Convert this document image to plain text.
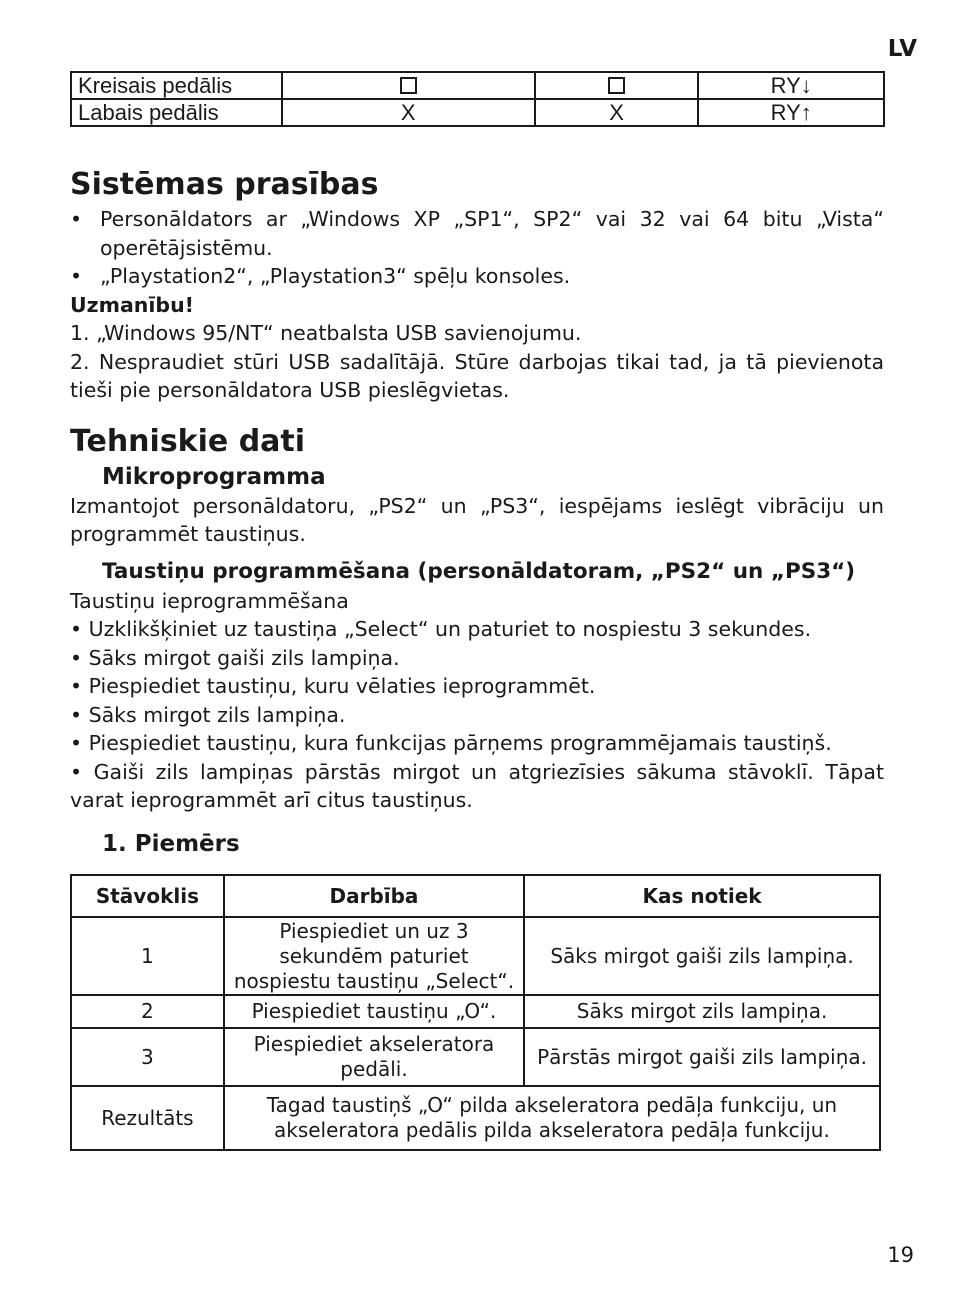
LV
Kreisais pedālis			RY↓
Labais pedālis	X	X	RY↑
Sistēmas prasības
• Personāldators ar „Windows XP „SP1“, SP2“ vai 32 vai 64 bitu „Vista“ operētājsistēmu.
• „Playstation2“, „Playstation3“ spēļu konsoles.

Uzmanību!

1. „Windows 95/NT“ neatbalsta USB savienojumu.

2. Nespraudiet stūri USB sadalītājā. Stūre darbojas tikai tad, ja tā pievienota tieši pie personāldatora USB pieslēgvietas.

Tehniskie dati
Mikroprogramma

Izmantojot personāldatoru, „PS2“ un „PS3“, iespējams ieslēgt vibrāciju un programmēt taustiņus.

Taustiņu programmēšana (personāldatoram, „PS2“ un „PS3“)

Taustiņu ieprogrammēšana

• Uzklikšķiniet uz taustiņa „Select“ un paturiet to nospiestu 3 sekundes.

• Sāks mirgot gaiši zils lampiņa.

• Piespiediet taustiņu, kuru vēlaties ieprogrammēt.

• Sāks mirgot zils lampiņa.

• Piespiediet taustiņu, kura funkcijas pārņems programmējamais taustiņš.

• Gaiši zils lampiņas pārstās mirgot un atgriezīsies sākuma stāvoklī. Tāpat varat ieprogrammēt arī citus taustiņus.

1. Piemērs
Stāvoklis	Darbība	Kas notiek
1	Piespiediet un uz 3 sekundēm paturiet nospiestu taustiņu „Select“.	Sāks mirgot gaiši zils lampiņa.
2	Piespiediet taustiņu „O“.	Sāks mirgot zils lampiņa.
3	Piespiediet akseleratora pedāli.	Pārstās mirgot gaiši zils lampiņa.
Rezultāts	Tagad taustiņš „O“ pilda akseleratora pedāļa funkciju, un akseleratora pedālis pilda akseleratora pedāļa funkciju.	
19
